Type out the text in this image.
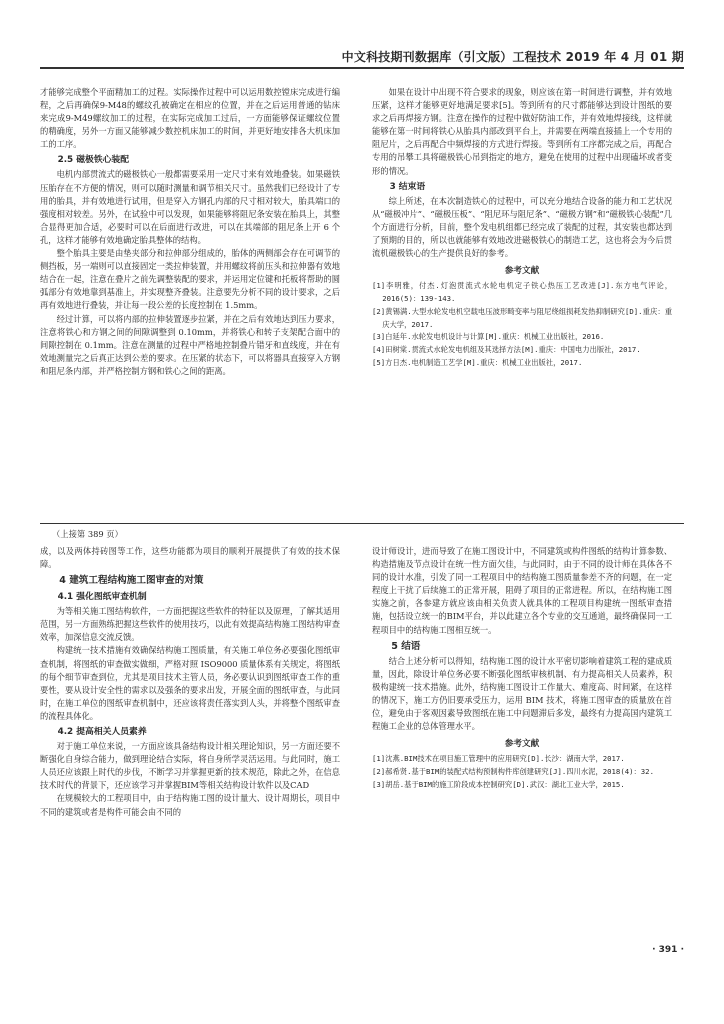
中文科技期刊数据库（引文版）工程技术 2019 年 4 月 01 期

才能够完成整个平面精加工的过程。实际操作过程中可以运用数控镗床完成进行编程，之后再确保9-M48的螺纹孔被确定在相应的位置，并在之后运用普通的钻床来完成9-M49螺纹加工的过程，在实际完成加工过后，一方面能够保证螺纹位置的精确度，另外一方面又能够减少数控机床加工的时间，并更好地安排各大机床加工的工序。

2.5 磁极铁心装配

电机内部贯流式的磁极铁心一般都需要采用一定尺寸来有效地叠装。如果磁铁压胎存在不方便的情况，则可以随时测量和调节相关尺寸。虽然我们已经设计了专用的胎具，并有效地进行试用，但是穿入方钢孔内部的尺寸相对较大，胎具端口的强度相对较差。另外，在试验中可以发现，如果能够将阻尼条安装在胎具上，其整合显得更加合适，必要时可以在后面进行改进，可以在其端部的阻尼条上开 6 个孔，这样才能够有效地确定胎具整体的结构。

整个胎具主要是由垫夹部分和拉伸部分组成的，胎体的两侧部会存在可调节的侧挡板，另一端则可以直接固定一类拉伸装置，并用螺纹将前压头和拉伸器有效地结合在一起，注意在叠片之前先调整装配的要求，并运用定位键和托板将帮助的圆弧部分有效地靠到基准上，并实现整齐叠装。注意要先分析不同的设计要求，之后再有效地进行叠装，并让每一段公差的长度控制在 1.5mm。

经过计算，可以将内部的拉伸装置逐步拉紧，并在之后有效地达到压力要求，注意将铁心和方钢之间的间隙调整到 0.10mm，并将铁心和转子支架配合面中的间隙控制在 0.1mm。注意在测量的过程中严格地控制叠片错牙和直线度，并在有效地测量完之后真正达到公差的要求。在压紧的状态下，可以将器具直接穿入方钢和阻尼条内部，并严格控制方钢和铁心之间的距离。

如果在设计中出现不符合要求的现象，则应该在第一时间进行调整，并有效地压紧，这样才能够更好地满足要求[5]。等到所有的尺寸都能够达到设计图纸的要求之后再焊接方钢。注意在操作的过程中做好防油工作，并有效地焊接线，这样就能够在第一时间将铁心从胎具内部改到平台上，并需要在两端直接插上一个专用的阻尼片，之后再配合中频焊接的方式进行焊接。等到所有工序都完成之后，再配合专用的吊攀工具将磁极铁心吊到指定的地方，避免在使用的过程中出现磕坏或者变形的情况。

3 结束语

综上所述，在本次制造铁心的过程中，可以充分地结合设备的能力和工艺状况从“磁极冲片”、“磁极压板”、“阻尼环与阻尼条”、“磁极方钢”和“磁极铁心装配”几个方面进行分析，目前，整个发电机组都已经完成了装配的过程，其安装也都达到了预期的目的，所以也就能够有效地改进磁极铁心的制造工艺，这也将会为今后贯流机磁极铁心的生产提供良好的参考。

参考文献

[1]李明雅，付杰.灯泡贯流式水轮电机定子铁心热压工艺改进[J].东方电气评论，2016(5)：139-143.

[2]黄锡满.大型水轮发电机空载电压波形畸变率与阻尼绕组损耗发热抑制研究[D].重庆：重庆大学，2017.

[3]白延年.水轮发电机设计与计算[M].重庆：机械工业出版社，2016.

[4]田树棠.贯流式水轮发电机组及其选择方法[M].重庆：中国电力出版社，2017.

[5]方日杰.电机制造工艺学[M].重庆：机械工业出版社，2017.

（上接第 389 页）

成，以及两体持砖图等工作，这些功能都为项目的顺利开展提供了有效的技术保障。

4 建筑工程结构施工图审查的对策
4.1 强化图纸审查机制

为等相关施工图结构软件，一方面把握这些软件的特征以及原理，了解其适用范围，另一方面熟练把握这些软件的使用技巧，以此有效提高结构施工图结构审查效率，加深信息交流反馈。

构建统一技术措施有效确保结构施工图质量，有关施工单位务必要强化图纸审查机制，将图纸的审查做实做细，严格对照 ISO9000 质量体系有关规定，将图纸的每个细节审查到位，尤其是项目技术主管人员，务必要认识到图纸审查工作的重要性，要从设计安全性的需求以及强条的要求出发，开展全面的图纸审查，与此同时，在施工单位的图纸审查机制中，还应该将责任落实到人头，并将整个图纸审查的流程具体化。

4.2 提高相关人员素养

对于施工单位来说，一方面应该具备结构设计相关理论知识，另一方面还要不断强化自身综合能力，做到理论结合实际，将自身所学灵活运用。与此同时，施工人员还应该跟上时代的步伐，不断学习并掌握更新的技术规范，除此之外，在信息技术时代的背景下，还应该学习并掌握BIM等相关结构设计软件以及CAD

在规模较大的工程项目中，由于结构施工图的设计量大、设计周期长，项目中不同的建筑或者是构件可能会由不同的

设计师设计，进而导致了在施工图设计中，不同建筑或构件图纸的结构计算参数、构造措施及节点设计在统一性方面欠佳，与此同时，由于不同的设计师在具体各不同的设计水准，引发了同一工程项目中的结构施工图质量参差不齐的问题，在一定程度上干扰了后续施工的正常开展，阻碍了项目的正常进程。所以，在结构施工图实施之前，各参建方就应该由相关负责人就具体的工程项目构建统一图纸审查措施，包括设立统一的BIM平台，并以此建立各个专业的交互通道，最终确保同一工程项目中的结构施工图相互统一。

5 结语

结合上述分析可以得知，结构施工图的设计水平密切影响着建筑工程的建成质量，因此，除设计单位务必要不断强化图纸审核机制、有力提高相关人员素养，积极构建统一技术措施。此外，结构施工图设计工作量大、难度高、时间紧，在这样的情况下，施工方仍旧要承受压力，运用 BIM 技术，将施工图审查的质量放在首位，避免由于客观因素导致图纸在施工中问题滞后多发，最终有力提高国内建筑工程施工企业的总体管理水平。

参考文献

[1]沈燕.BIM技术在项目施工管理中的应用研究[D].长沙：湖南大学，2017.

[2]郝希贤.基于BIM的装配式结构预制构件库创建研究[J].四川水泥，2018(4)：32.

[3]胡岳.基于BIM的施工阶段成本控制研究[D].武汉：湖北工业大学，2015.

· 391 ·
